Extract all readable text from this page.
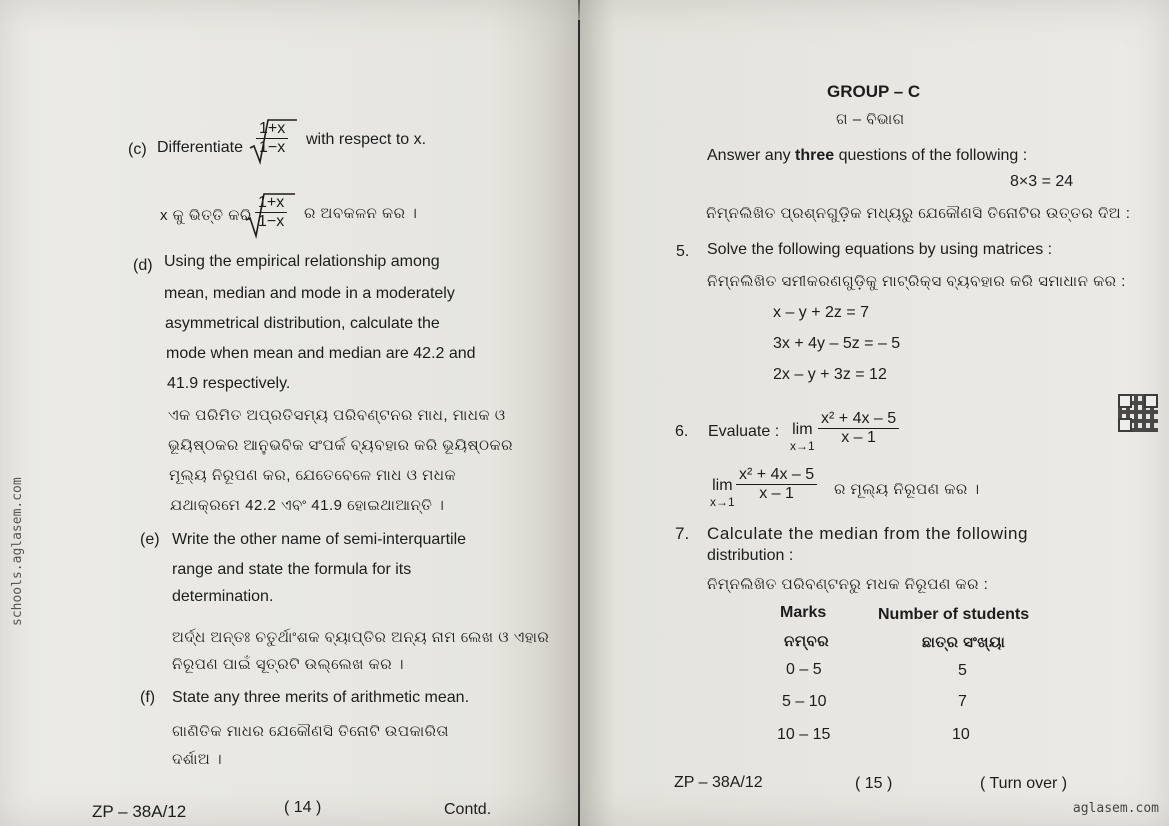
(c) Differentiate $\frac{1+x}{1-x}$ with respect to x.
x କୁ ଭିତ୍ତି କରି $\frac{1+x}{1-x}$ ର ଅବକଳନ କର ।
(d) Using the empirical relationship among
mean, median and mode in a moderately
asymmetrical distribution, calculate the
mode when mean and median are 42.2 and
41.9 respectively.
ଏକ ପରିମିତ ଅପ୍ରତିସମ୍ୟ ପରିବଣ୍ଟନର ମାଧ, ମାଧକ ଓ
ଭୂୟିଷ୍ଠକର ଆନୁଭବିକ ସଂପର୍କ ବ୍ୟବହାର କରି ଭୂୟିଷ୍ଠକର
ମୂଲ୍ୟ ନିରୂପଣ କର, ଯେତେବେଳେ ମାଧ ଓ ମଧକ
ଯଥାକ୍ରମେ 42.2 ଏବଂ 41.9 ହୋଇଥାଆନ୍ତି ।
(e) Write the other name of semi-interquartile
range and state the formula for its
determination.
ଅର୍ଦ୍ଧ ଅନ୍ତଃ ଚତୁର୍ଥାଂଶକ ବ୍ୟାପ୍ତିର ଅନ୍ୟ ନାମ ଲେଖ ଓ ଏହାର
ନିରୂପଣ ପାଇଁ ସୂତ୍ରଟି ଉଲ୍ଲେଖ କର ।
(f) State any three merits of arithmetic mean.
ଗାଣିତିକ ମାଧର ଯେକୌଣସି ତିନୋଟି ଉପକାରିତା
ଦର୍ଶାଅ ।
ZP – 38A/12	( 14 )	Contd.
schools.aglasem.com
GROUP – C
ଗ – ବିଭାଗ
Answer any three questions of the following :
8×3 = 24
ନିମ୍ନଲିଖିତ ପ୍ରଶ୍ନଗୁଡ଼ିକ ମଧ୍ୟରୁ ଯେକୌଣସି ତିନୋଟିର ଉତ୍ତର ଦିଅ :
5. Solve the following equations by using matrices :
ନିମ୍ନଲିଖିତ ସମୀକରଣଗୁଡ଼ିକୁ ମାଟ୍ରିକ୍ସ ବ୍ୟବହାର କରି ସମାଧାନ କର :
x – y + 2z = 7
3x + 4y – 5z = – 5
2x – y + 3z = 12
6. Evaluate : lim
$x\to 1 \frac{\text{x² + 4x – 5}}{x - 1}$
lim
$x\to 1 \frac{\text{x² + 4x – 5}}{x - 1}$ ର ମୂଲ୍ୟ ନିରୂପଣ କର ।
7. Calculate the median from the following
distribution :
ନିମ୍ନଲିଖିତ ପରିବଣ୍ଟନରୁ ମଧକ ନିରୂପଣ କର :
Marks	Number of students
ନମ୍ବର	ଛାତ୍ର ସଂଖ୍ୟା
0 – 5	5
5 – 10	7
10 – 15	10
ZP – 38A/12	( 15 )	( Turn over )
aglasem.com
